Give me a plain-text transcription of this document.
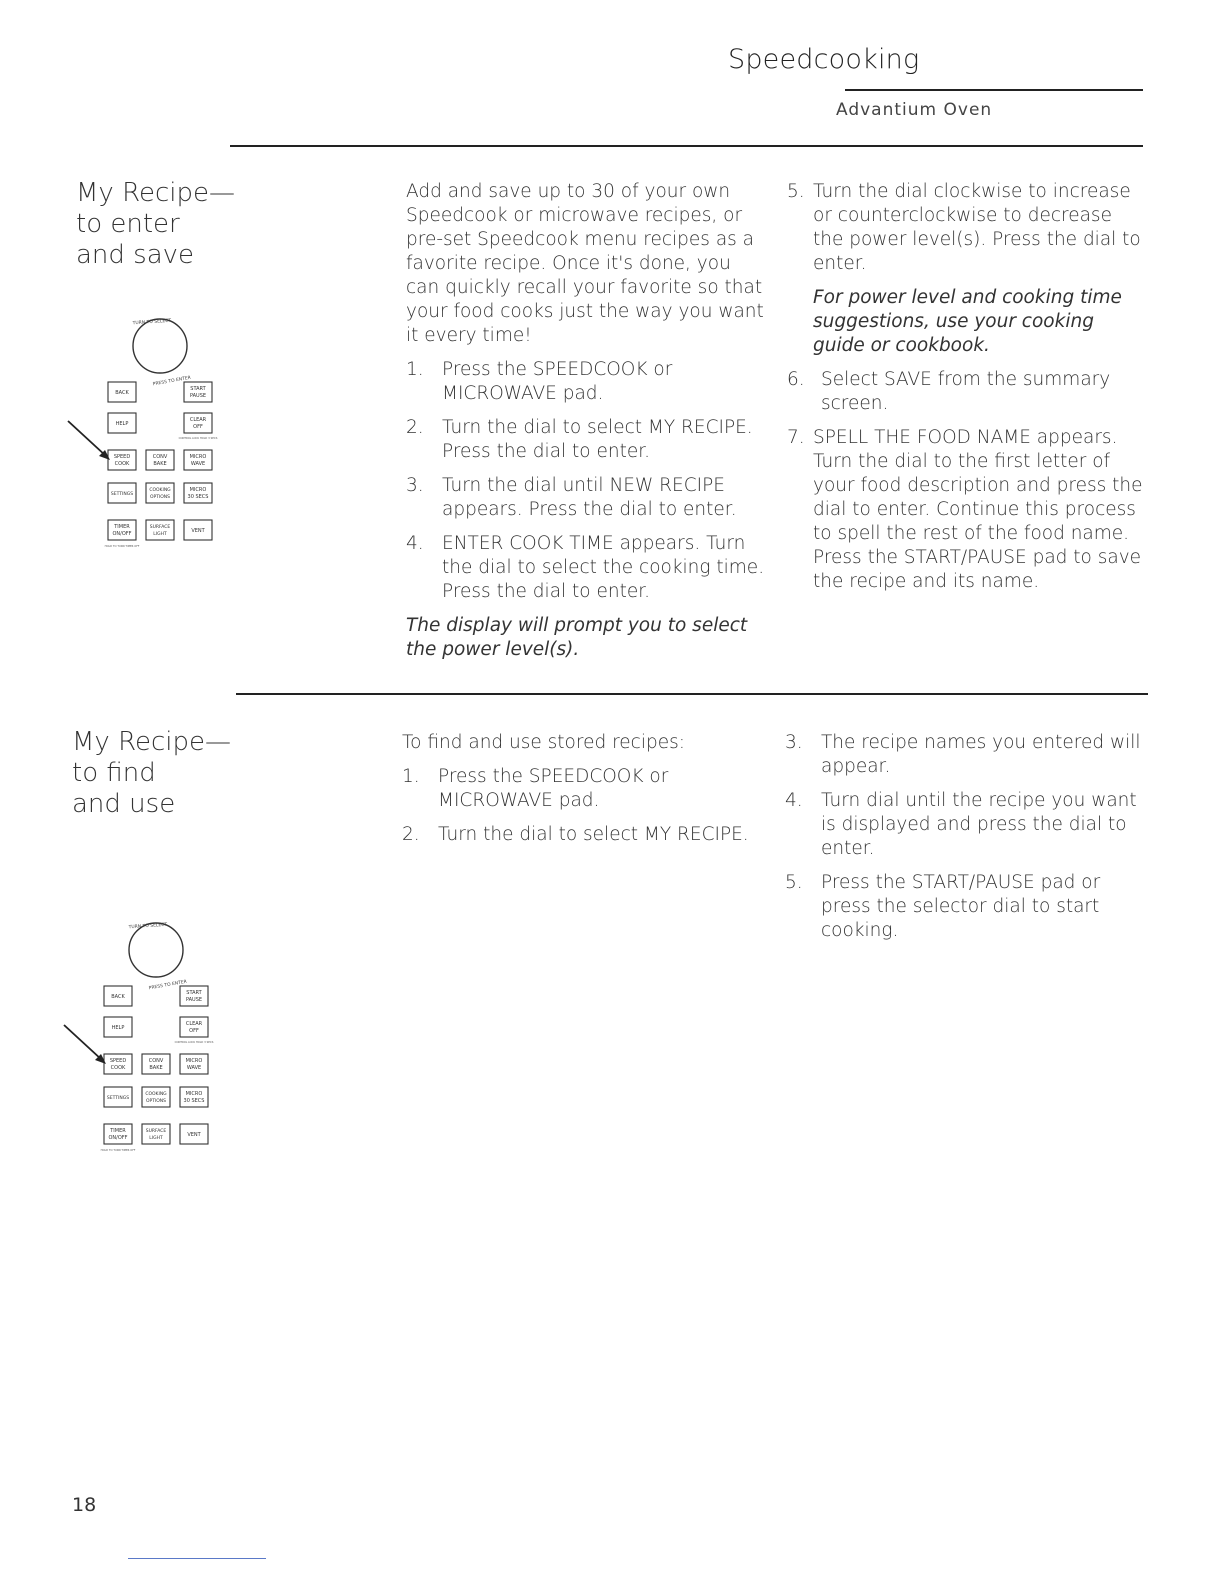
Speedcooking
Advantium Oven
My Recipe—
to enter
and save
TURN TO SELECT
PRESS TO ENTER
BACK
START
PAUSE
HELP
CLEAR
OFF
CONTROL LOCK HOLD 3 SECS
SPEED
COOK
CONV
BAKE
MICRO
WAVE
SETTINGS
COOKING
OPTIONS
MICRO
30 SECS
TIMER
ON/OFF
HOLD TO TURN TIMER OFF
SURFACE
LIGHT
VENT

Add and save up to 30 of your own Speedcook or microwave recipes, or pre-set Speedcook menu recipes as a favorite recipe. Once it's done, you can quickly recall your favorite so that your food cooks just the way you want it every time!

1. Press the SPEEDCOOK or MICROWAVE pad.
2. Turn the dial to select MY RECIPE. Press the dial to enter.
3. Turn the dial until NEW RECIPE appears. Press the dial to enter.
4. ENTER COOK TIME appears. Turn the dial to select the cooking time. Press the dial to enter.

The display will prompt you to select the power level(s).

5. Turn the dial clockwise to increase or counterclockwise to decrease the power level(s). Press the dial to enter.

For power level and cooking time suggestions, use your cooking guide or cookbook.

6. Select SAVE from the summary screen.
7. SPELL THE FOOD NAME appears. Turn the dial to the first letter of your food description and press the dial to enter. Continue this process to spell the rest of the food name. Press the START/PAUSE pad to save the recipe and its name.
My Recipe—
to find
and use
TURN TO SELECT
PRESS TO ENTER
BACK
START
PAUSE
HELP
CLEAR
OFF
CONTROL LOCK HOLD 3 SECS
SPEED
COOK
CONV
BAKE
MICRO
WAVE
SETTINGS
COOKING
OPTIONS
MICRO
30 SECS
TIMER
ON/OFF
HOLD TO TURN TIMER OFF
SURFACE
LIGHT
VENT

To find and use stored recipes:

1. Press the SPEEDCOOK or MICROWAVE pad.
2. Turn the dial to select MY RECIPE.
3. The recipe names you entered will appear.
4. Turn dial until the recipe you want is displayed and press the dial to enter.
5. Press the START/PAUSE pad or press the selector dial to start cooking.
18
